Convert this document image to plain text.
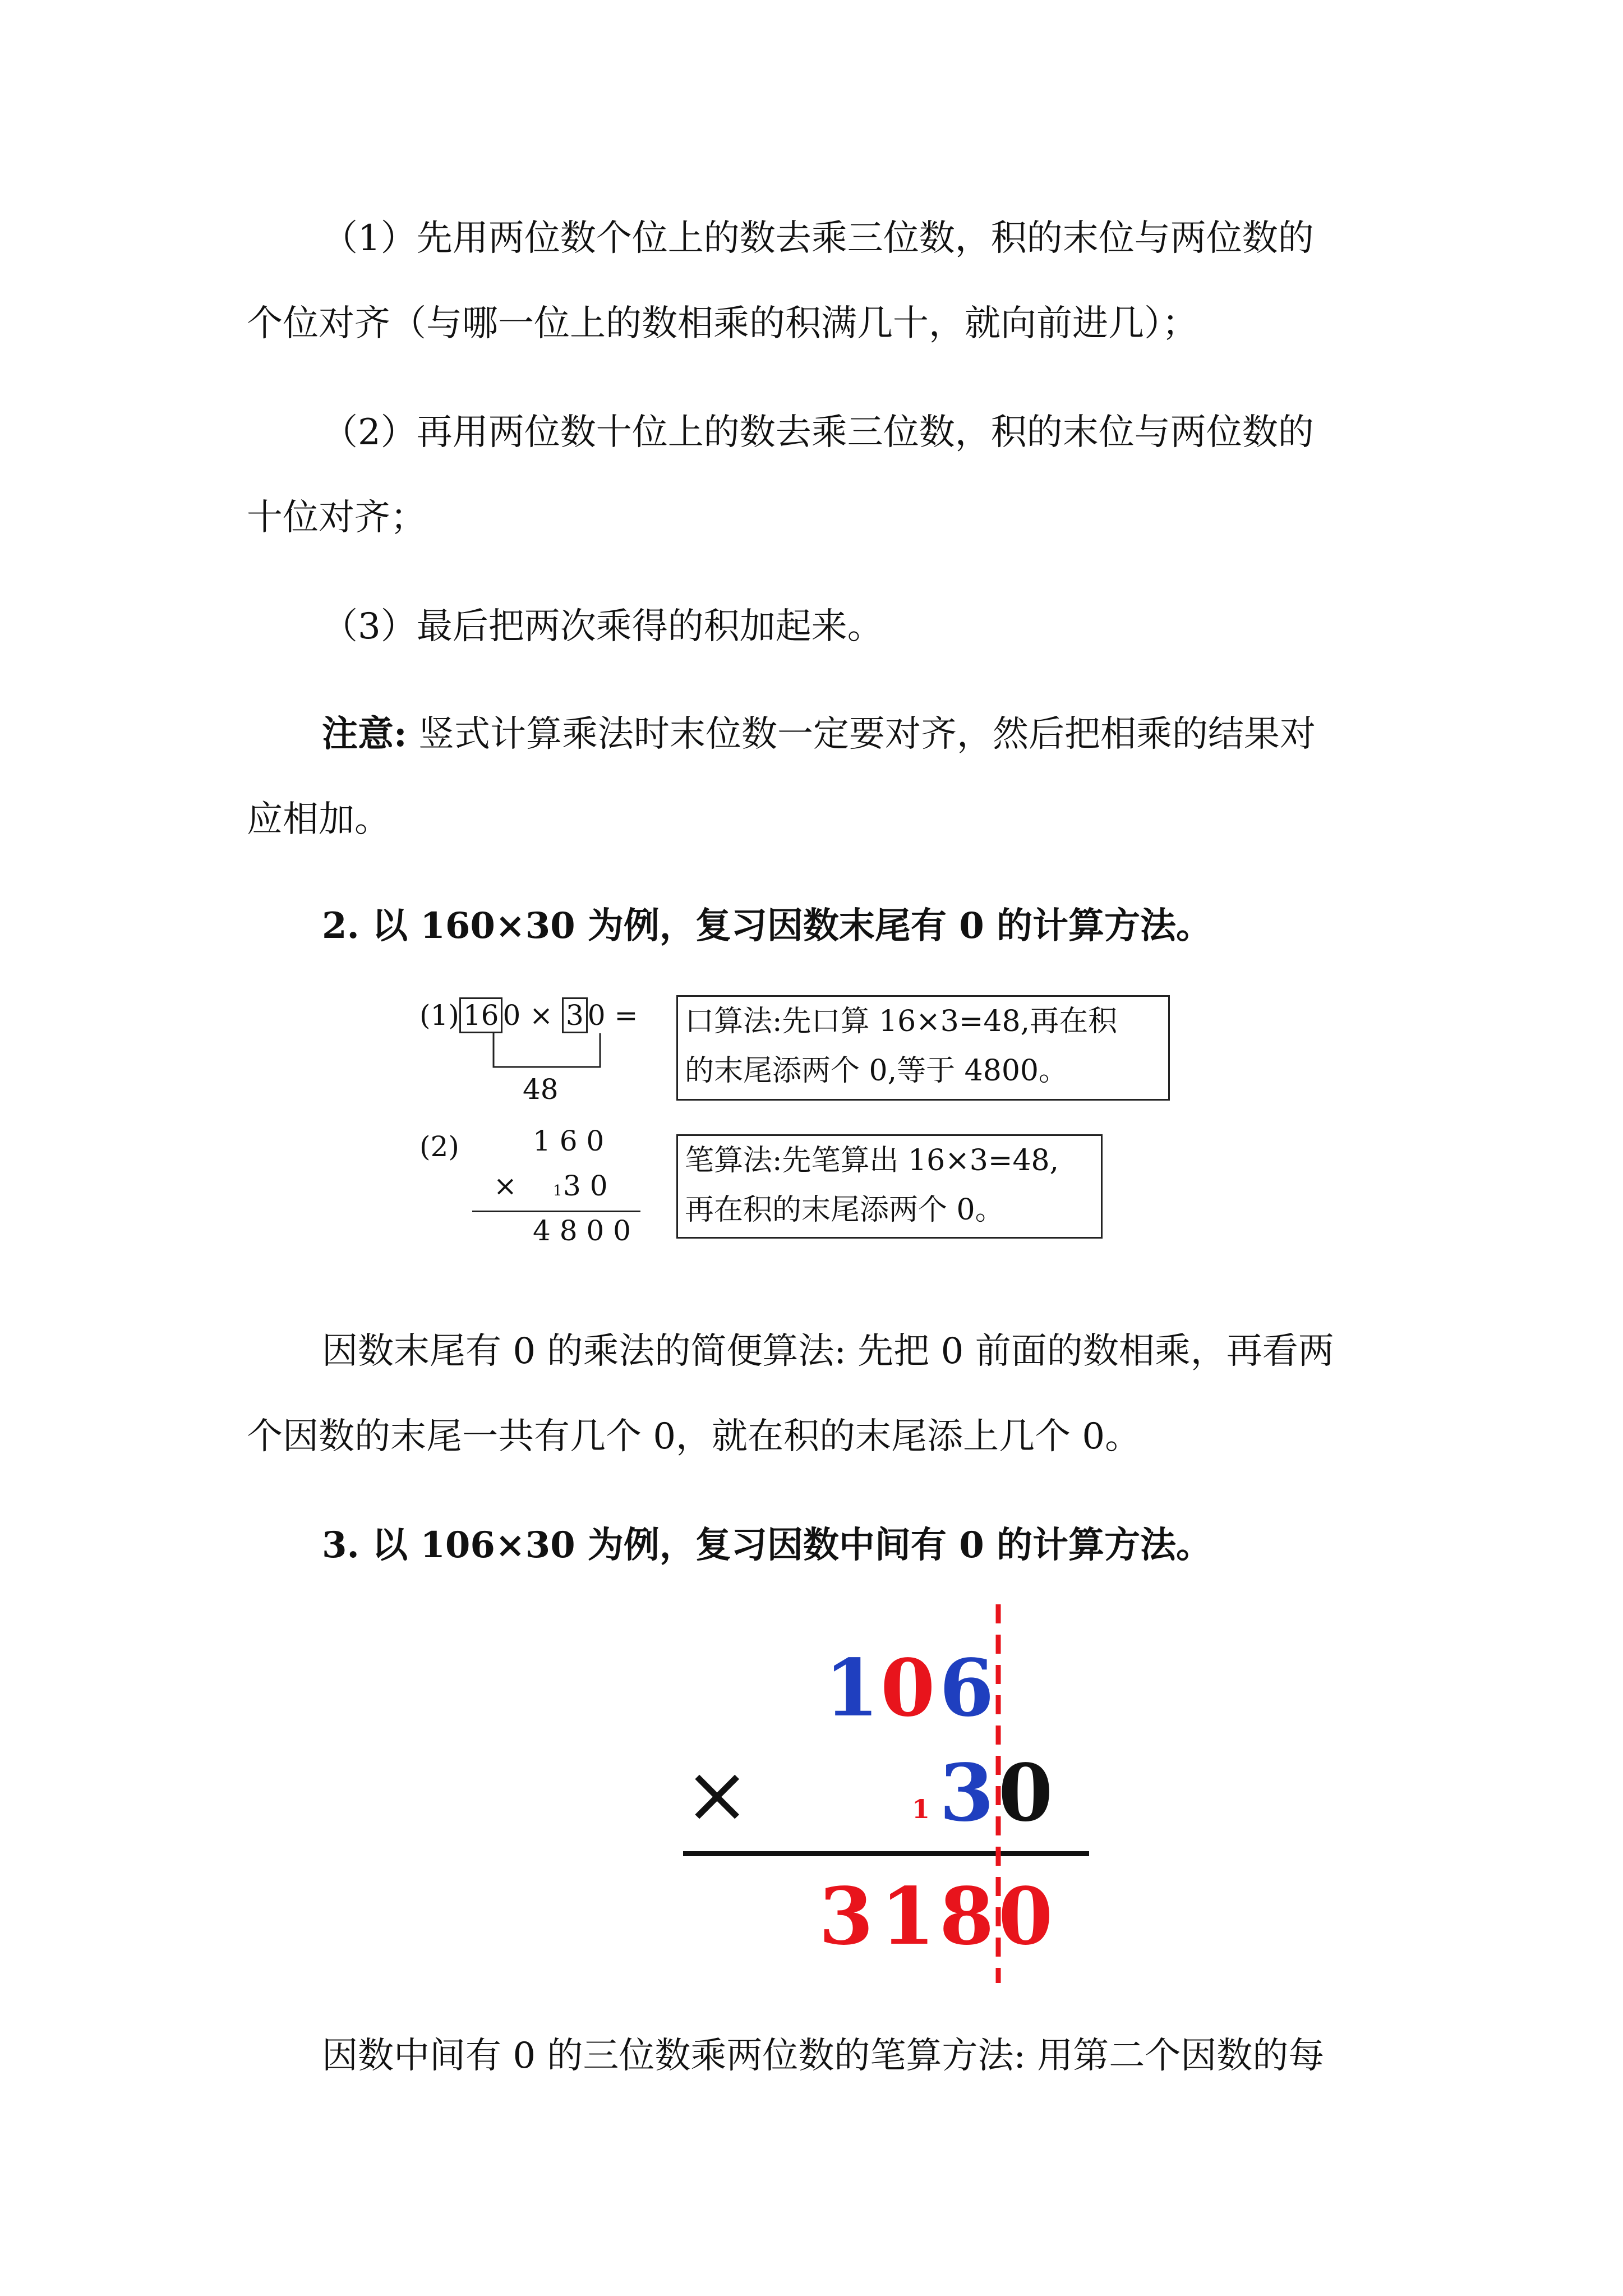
（1）先用两位数个位上的数去乘三位数，积的末位与两位数的
个位对齐（与哪一位上的数相乘的积满几十，就向前进几）；
（2）再用两位数十位上的数去乘三位数，积的末位与两位数的
十位对齐；
（3）最后把两次乘得的积加起来。
注意: 竖式计算乘法时末位数一定要对齐，然后把相乘的结果对
应相加。
2. 以 160×30 为例，复习因数末尾有 0 的计算方法。
(1) 16 0 × 3 0 =
48
口算法:先口算 16×3=48,再在积
的末尾添两个 0,等于 4800。
(2)	1 6 0
× 1 3 0
4 8 0 0
笔算法:先笔算出 16×3=48,
再在积的末尾添两个 0。
因数末尾有 0 的乘法的简便算法: 先把 0 前面的数相乘，再看两
个因数的末尾一共有几个 0，就在积的末尾添上几个 0。
3. 以 106×30 为例，复习因数中间有 0 的计算方法。
1 0 6
×	1 3 0
3 1 8 0
因数中间有 0 的三位数乘两位数的笔算方法: 用第二个因数的每
